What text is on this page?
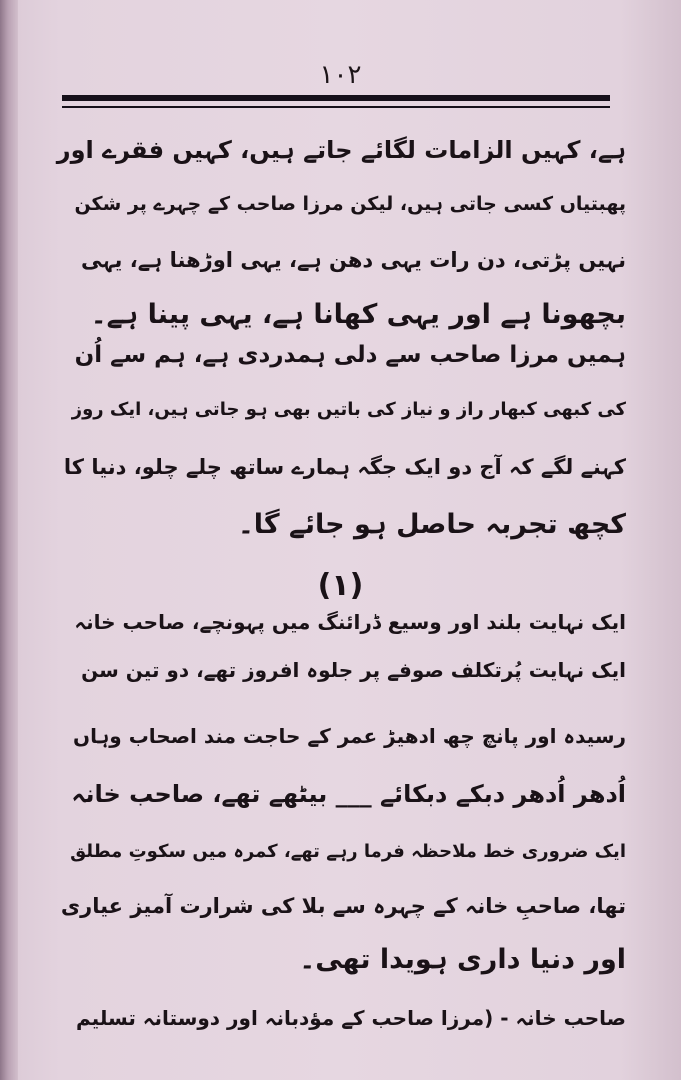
۱۰۲
ہے، کہیں الزامات لگائے جاتے ہیں، کہیں فقرے اور
پھبتیاں کسی جاتی ہیں، لیکن مرزا صاحب کے چہرے پر شکن
نہیں پڑتی، دن رات یہی دھن ہے، یہی اوڑھنا ہے، یہی
بچھونا ہے اور یہی کھانا ہے، یہی پینا ہے۔
ہمیں مرزا صاحب سے دلی ہمدردی ہے، ہم سے اُن
کی کبھی کبھار راز و نیاز کی باتیں بھی ہو جاتی ہیں، ایک روز
کہنے لگے کہ آج دو ایک جگہ ہمارے ساتھ چلے چلو، دنیا کا
کچھ تجربہ حاصل ہو جائے گا۔
(۱)
ایک نہایت بلند اور وسیع ڈرائنگ میں پہونچے، صاحب خانہ
ایک نہایت پُرتکلف صوفے پر جلوہ افروز تھے، دو تین سن
رسیدہ اور پانچ چھ ادھیڑ عمر کے حاجت مند اصحاب وہاں
اُدھر اُدھر دبکے دبکائے ___ بیٹھے تھے، صاحب خانہ
ایک ضروری خط ملاحظہ فرما رہے تھے، کمرہ میں سکوتِ مطلق
تھا، صاحبِ خانہ کے چہرہ سے بلا کی شرارت آمیز عیاری
اور دنیا داری ہویدا تھی۔
صاحب خانہ - (مرزا صاحب کے مؤدبانہ اور دوستانہ تسلیم
